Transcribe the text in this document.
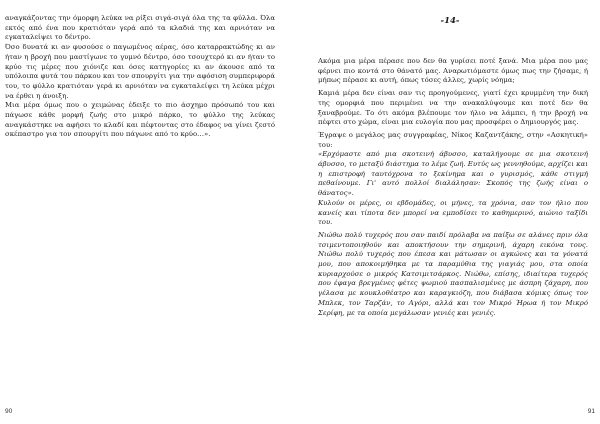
αναγκάζοντας την όμορφη λεύκα να ρίξει σιγά-σιγά όλα της τα φύλλα. Όλα εκτός από ένα που κρατιόταν γερά από τα κλαδιά της και αρνιόταν να εγκαταλείψει το δέντρο.

Όσο δυνατά κι αν φυσούσε ο παγωμένος αέρας, όσο καταρρακτώδης κι αν ήταν η βροχή που μαστίγωνε το γυμνό δέντρο, όσο τσουχτερό κι αν ήταν το κρύο τις μέρες που χιόνιζε και όσες κατηγορίες κι αν άκουσε από τα υπόλοιπα φυτά του πάρκου και τον σπουργίτι για την αφόσιση συμπεριφορά του, το φύλλο κρατιόταν γερά κι αρνιόταν να εγκαταλείψει τη λεύκα μέχρι να έρθει η άνοιξη.

Μια μέρα όμως που ο χειμώνας έδειξε το πιο άσχημο πρόσωπό του και πάγωσε κάθε μορφή ζωής στο μικρό πάρκο, το φύλλο της λεύκας αναγκάστηκε να αφήσει το κλαδί και πέφτοντας στο έδαφος να γίνει ζεστό σκέπαστρο για τον σπουργίτι που πάγωνε από το κρύο…».

90
-14-

Ακόμα μια μέρα πέρασε που δεν θα γυρίσει ποτέ ξανά. Μια μέρα που μας φέρνει πιο κοντά στο θάνατό μας. Αναρωτιόμαστε όμως πως την ζήσαμε, ή μήπως πέρασε κι αυτή, όπως τόσες άλλες, χωρίς νόημα;

Καμιά μέρα δεν είναι σαν τις προηγούμενες, γιατί έχει κρυμμένη την δική της ομορφιά που περιμένει να την ανακαλύψουμε και ποτέ δεν θα ξαναβρούμε. Το ότι ακόμα βλέπουμε τον ήλιο να λάμπει, ή την βροχή να πέφτει στο χώμα, είναι μια ευλογία που μας προσφέρει ο Δημιουργός μας.

Έγραψε ο μεγάλος μας συγγραφέας, Νίκος Καζαντζάκης, στην «Ασκητική» του:

«Ερχόμαστε από μια σκοτεινή άβυσσο, καταλήγουμε σε μια σκοτεινή άβυσσο, το μεταξύ διάστημα το λέμε ζωή. Ευτύς ως γεννηθούμε, αρχίζει και η επιστροφή ταυτόχρονα το ξεκίνημα και ο γυρισμός, κάθε στιγμή πεθαίνουμε. Γι' αυτό πολλοί διαλάλησαν: Σκοπός της ζωής είναι ο θάνατος».

Κυλούν οι μέρες, οι εβδομάδες, οι μήνες, τα χρόνια, σαν τον ήλιο που κανείς και τίποτα δεν μπορεί να εμποδίσει το καθημερινό, αιώνιο ταξίδι του.

Νιώθω πολύ τυχερός που σαν παιδί πρόλαβα να παίξω σε αλάνες πριν όλα τσιμεντοποιηθούν και αποκτήσουν την σημερινή, άχαρη εικόνα τους. Νιώθω πολύ τυχερός που έπεσα και μάτωσαν οι αγκώνες και τα γόνατά μου, που αποκοιμήθηκα με τα παραμύθια της γιαγιάς μου, στα οποία κυριαρχούσε ο μικρός Κατσιμιτσάρκος. Νιώθω, επίσης, ιδιαίτερα τυχερός που έφαγα βρεγμένες φέτες ψωμιού πασπαλισμένες με άσπρη ζάχαρη, που γέλασα με κουκλοθέατρο και καραγκιόζη, που διάβασα κόμικς όπως τον Μπλεκ, τον Ταρζάν, το Αγόρι, αλλά και τον Μικρό Ήρωα ή τον Μικρό Σερίφη, με τα οποία μεγάλωσαν γενιές και γενιές.

91
